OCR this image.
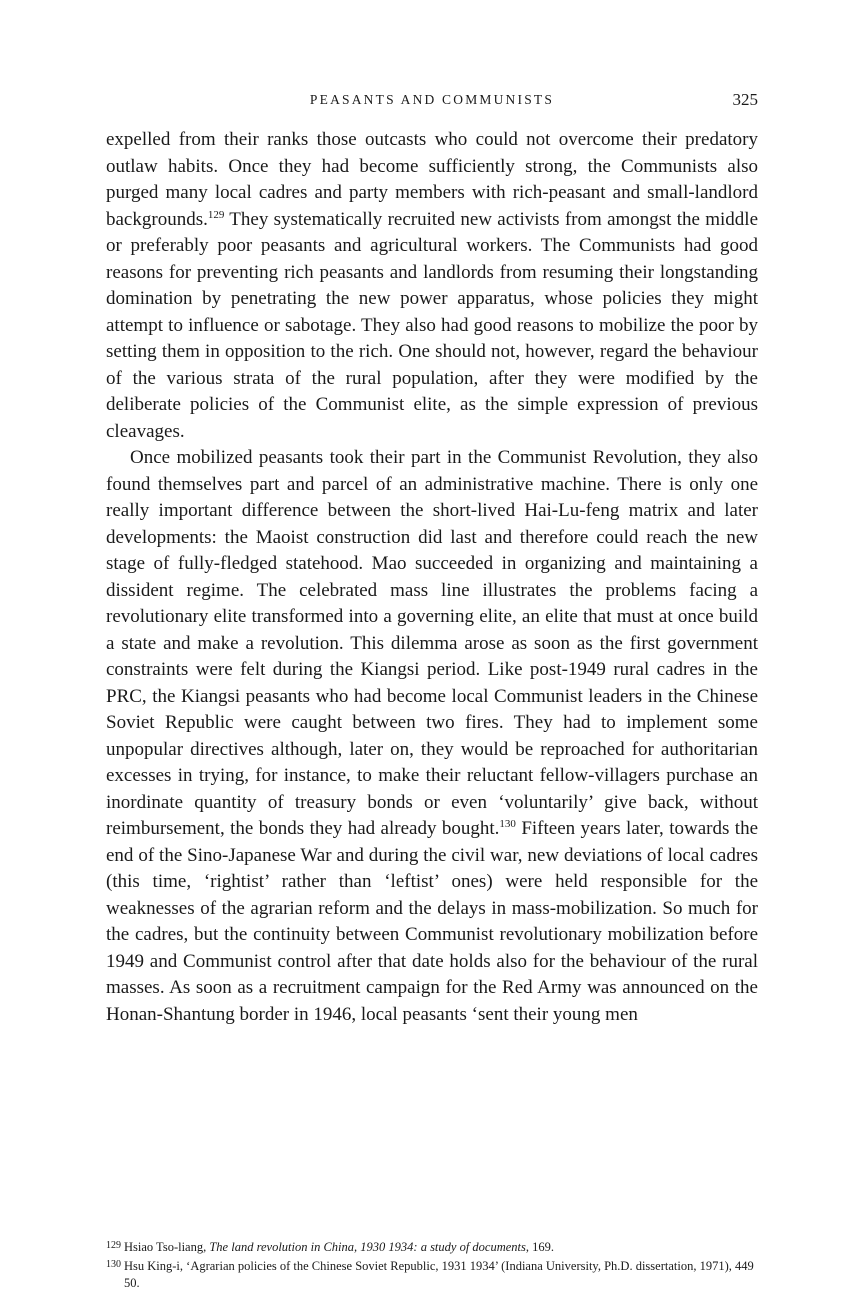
PEASANTS AND COMMUNISTS	325

expelled from their ranks those outcasts who could not overcome their predatory outlaw habits. Once they had become sufficiently strong, the Communists also purged many local cadres and party members with rich-peasant and small-landlord backgrounds.$^{129}$ They systematically recruited new activists from amongst the middle or preferably poor peasants and agricultural workers. The Communists had good reasons for preventing rich peasants and landlords from resuming their longstanding domination by penetrating the new power apparatus, whose policies they might attempt to influence or sabotage. They also had good reasons to mobilize the poor by setting them in opposition to the rich. One should not, however, regard the behaviour of the various strata of the rural population, after they were modified by the deliberate policies of the Communist elite, as the simple expression of previous cleavages.

Once mobilized peasants took their part in the Communist Revolution, they also found themselves part and parcel of an administrative machine. There is only one really important difference between the short-lived Hai-Lu-feng matrix and later developments: the Maoist construction did last and therefore could reach the new stage of fully-fledged statehood. Mao succeeded in organizing and maintaining a dissident regime. The celebrated mass line illustrates the problems facing a revolutionary elite transformed into a governing elite, an elite that must at once build a state and make a revolution. This dilemma arose as soon as the first government constraints were felt during the Kiangsi period. Like post-1949 rural cadres in the PRC, the Kiangsi peasants who had become local Communist leaders in the Chinese Soviet Republic were caught between two fires. They had to implement some unpopular directives although, later on, they would be reproached for authoritarian excesses in trying, for instance, to make their reluctant fellow-villagers purchase an inordinate quantity of treasury bonds or even ‘voluntarily’ give back, without reimbursement, the bonds they had already bought.$^{130}$ Fifteen years later, towards the end of the Sino-Japanese War and during the civil war, new deviations of local cadres (this time, ‘rightist’ rather than ‘leftist’ ones) were held responsible for the weaknesses of the agrarian reform and the delays in mass-mobilization. So much for the cadres, but the continuity between Communist revolutionary mobilization before 1949 and Communist control after that date holds also for the behaviour of the rural masses. As soon as a recruitment campaign for the Red Army was announced on the Honan-Shantung border in 1946, local peasants ‘sent their young men

129 Hsiao Tso-liang, The land revolution in China, 1930 1934: a study of documents, 169.

130 Hsu King-i, ‘Agrarian policies of the Chinese Soviet Republic, 1931 1934’ (Indiana University, Ph.D. dissertation, 1971), 449 50.
